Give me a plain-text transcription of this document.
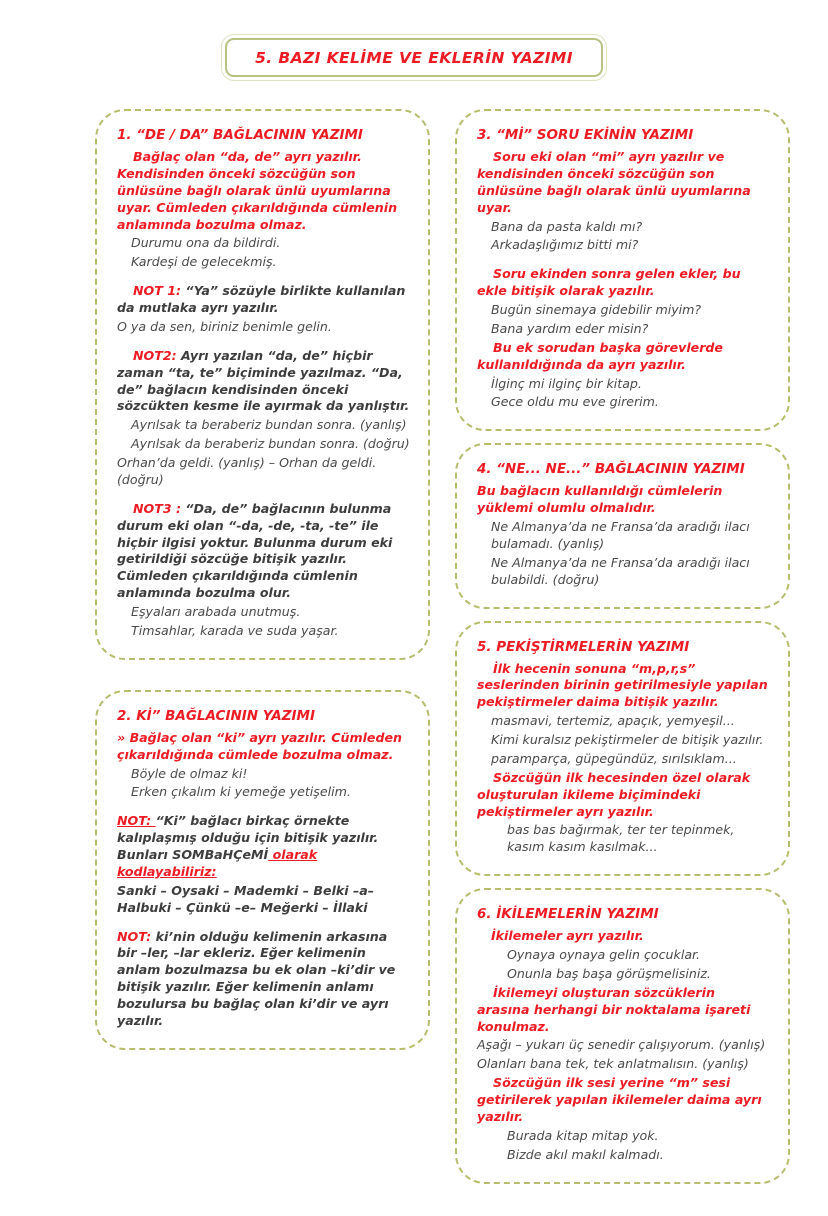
5. BAZI KELİME VE EKLERİN YAZIMI
1. “DE / DA” BAĞLACININ YAZIMI

Bağlaç olan “da, de” ayrı yazılır. Kendisinden önceki sözcüğün son ünlüsüne bağlı olarak ünlü uyumlarına uyar. Cümleden çıkarıldığında cümlenin anlamında bozulma olmaz.

Durumu ona da bildirdi.

Kardeşi de gelecekmiş.

NOT 1: “Ya” sözüyle birlikte kullanılan da mutlaka ayrı yazılır.

O ya da sen, biriniz benimle gelin.

NOT2: Ayrı yazılan “da, de” hiçbir zaman “ta, te” biçiminde yazılmaz. “Da, de” bağlacın kendisinden önceki sözcükten kesme ile ayırmak da yanlıştır.

Ayrılsak ta beraberiz bundan sonra. (yanlış)

Ayrılsak da beraberiz bundan sonra. (doğru)

Orhan’da geldi. (yanlış) – Orhan da geldi. (doğru)

NOT3 : “Da, de” bağlacının bulunma durum eki olan “-da, -de, -ta, -te” ile hiçbir ilgisi yoktur. Bulunma durum eki getirildiği sözcüğe bitişik yazılır. Cümleden çıkarıldığında cümlenin anlamında bozulma olur.

Eşyaları arabada unutmuş.

Timsahlar, karada ve suda yaşar.

2. Kİ” BAĞLACININ YAZIMI

» Bağlaç olan “ki” ayrı yazılır. Cümleden çıkarıldığında cümlede bozulma olmaz.

Böyle de olmaz ki!

Erken çıkalım ki yemeğe yetişelim.

NOT: “Ki” bağlacı birkaç örnekte kalıplaşmış olduğu için bitişik yazılır. Bunları SOMBaHÇeMİ olarak kodlayabiliriz:

Sanki – Oysaki – Mademki – Belki –a– Halbuki – Çünkü –e– Meğerki – İllaki

NOT: ki’nin olduğu kelimenin arkasına bir –ler, –lar ekleriz. Eğer kelimenin anlam bozulmazsa bu ek olan –ki’dir ve bitişik yazılır. Eğer kelimenin anlamı bozulursa bu bağlaç olan ki’dir ve ayrı yazılır.

3. “Mİ” SORU EKİNİN YAZIMI

Soru eki olan “mi” ayrı yazılır ve kendisinden önceki sözcüğün son ünlüsüne bağlı olarak ünlü uyumlarına uyar.

Bana da pasta kaldı mı?

Arkadaşlığımız bitti mi?

Soru ekinden sonra gelen ekler, bu ekle bitişik olarak yazılır.

Bugün sinemaya gidebilir miyim?

Bana yardım eder misin?

Bu ek sorudan başka görevlerde kullanıldığında da ayrı yazılır.

İlginç mi ilginç bir kitap.

Gece oldu mu eve girerim.

4. “NE... NE...” BAĞLACININ YAZIMI

Bu bağlacın kullanıldığı cümlelerin yüklemi olumlu olmalıdır.

Ne Almanya’da ne Fransa’da aradığı ilacı bulamadı. (yanlış)

Ne Almanya’da ne Fransa’da aradığı ilacı bulabildi. (doğru)

5. PEKİŞTİRMELERİN YAZIMI

İlk hecenin sonuna “m,p,r,s” seslerinden birinin getirilmesiyle yapılan pekiştirmeler daima bitişik yazılır.

masmavi, tertemiz, apaçık, yemyeşil...

Kimi kuralsız pekiştirmeler de bitişik yazılır.

paramparça, güpegündüz, sırılsıklam...

Sözcüğün ilk hecesinden özel olarak oluşturulan ikileme biçimindeki pekiştirmeler ayrı yazılır.

bas bas bağırmak, ter ter tepinmek, kasım kasım kasılmak...

6. İKİLEMELERİN YAZIMI

İkilemeler ayrı yazılır.

Oynaya oynaya gelin çocuklar.

Onunla baş başa görüşmelisiniz.

İkilemeyi oluşturan sözcüklerin arasına herhangi bir noktalama işareti konulmaz.

Aşağı – yukarı üç senedir çalışıyorum. (yanlış)

Olanları bana tek, tek anlatmalısın. (yanlış)

Sözcüğün ilk sesi yerine “m” sesi getirilerek yapılan ikilemeler daima ayrı yazılır.

Burada kitap mitap yok.

Bizde akıl makıl kalmadı.
